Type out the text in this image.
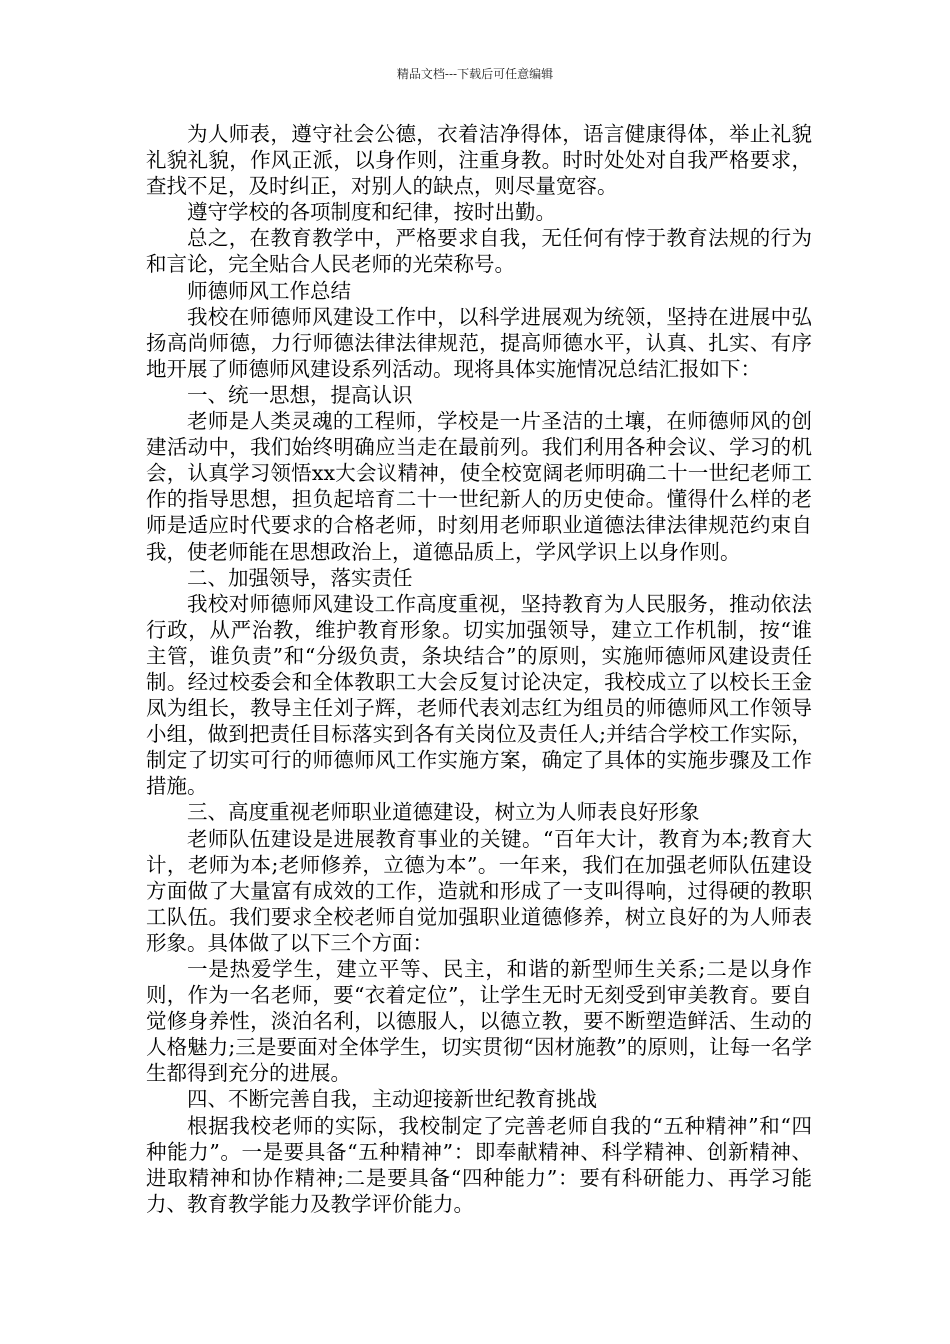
精品文档---下载后可任意编辑

为人师表，遵守社会公德，衣着洁净得体，语言健康得体，举止礼貌礼貌礼貌，作风正派，以身作则，注重身教。时时处处对自我严格要求，查找不足，及时纠正，对别人的缺点，则尽量宽容。

遵守学校的各项制度和纪律，按时出勤。

总之，在教育教学中，严格要求自我，无任何有悖于教育法规的行为和言论，完全贴合人民老师的光荣称号。

师德师风工作总结

我校在师德师风建设工作中，以科学进展观为统领，坚持在进展中弘扬高尚师德，力行师德法律法律规范，提高师德水平，认真、扎实、有序地开展了师德师风建设系列活动。现将具体实施情况总结汇报如下：

一、统一思想，提高认识

老师是人类灵魂的工程师，学校是一片圣洁的土壤，在师德师风的创建活动中，我们始终明确应当走在最前列。我们利用各种会议、学习的机会，认真学习领悟xx大会议精神，使全校宽阔老师明确二十一世纪老师工作的指导思想，担负起培育二十一世纪新人的历史使命。懂得什么样的老师是适应时代要求的合格老师，时刻用老师职业道德法律法律规范约束自我，使老师能在思想政治上，道德品质上，学风学识上以身作则。

二、加强领导，落实责任

我校对师德师风建设工作高度重视，坚持教育为人民服务，推动依法行政，从严治教，维护教育形象。切实加强领导，建立工作机制，按“谁主管，谁负责”和“分级负责，条块结合”的原则，实施师德师风建设责任制。经过校委会和全体教职工大会反复讨论决定，我校成立了以校长王金凤为组长，教导主任刘子辉，老师代表刘志红为组员的师德师风工作领导小组，做到把责任目标落实到各有关岗位及责任人;并结合学校工作实际，制定了切实可行的师德师风工作实施方案，确定了具体的实施步骤及工作措施。

三、高度重视老师职业道德建设，树立为人师表良好形象

老师队伍建设是进展教育事业的关键。“百年大计，教育为本;教育大计，老师为本;老师修养，立德为本”。一年来，我们在加强老师队伍建设方面做了大量富有成效的工作，造就和形成了一支叫得响，过得硬的教职工队伍。我们要求全校老师自觉加强职业道德修养，树立良好的为人师表形象。具体做了以下三个方面：

一是热爱学生，建立平等、民主，和谐的新型师生关系;二是以身作则，作为一名老师，要“衣着定位”，让学生无时无刻受到审美教育。要自觉修身养性，淡泊名利，以德服人，以德立教，要不断塑造鲜活、生动的人格魅力;三是要面对全体学生，切实贯彻“因材施教”的原则，让每一名学生都得到充分的进展。

四、不断完善自我，主动迎接新世纪教育挑战

根据我校老师的实际，我校制定了完善老师自我的“五种精神”和“四种能力”。一是要具备“五种精神”：即奉献精神、科学精神、创新精神、进取精神和协作精神;二是要具备“四种能力”：要有科研能力、再学习能力、教育教学能力及教学评价能力。
